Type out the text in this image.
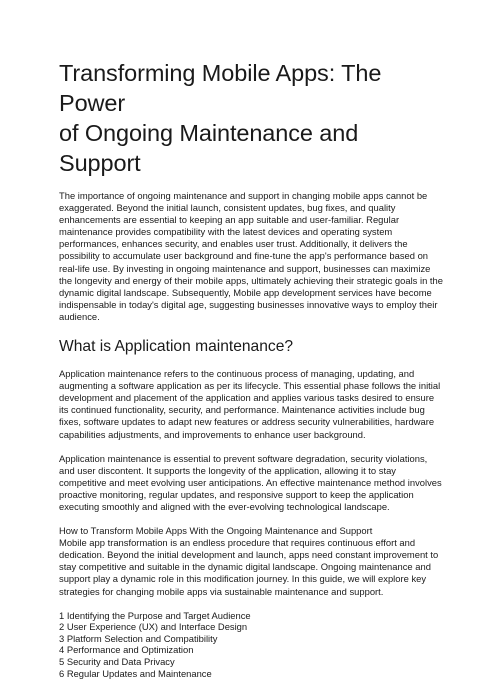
Transforming Mobile Apps: The Power
of Ongoing Maintenance and Support

The importance of ongoing maintenance and support in changing mobile apps cannot be exaggerated. Beyond the initial launch, consistent updates, bug fixes, and quality enhancements are essential to keeping an app suitable and user-familiar. Regular maintenance provides compatibility with the latest devices and operating system performances, enhances security, and enables user trust. Additionally, it delivers the possibility to accumulate user background and fine-tune the app's performance based on real-life use. By investing in ongoing maintenance and support, businesses can maximize the longevity and energy of their mobile apps, ultimately achieving their strategic goals in the dynamic digital landscape. Subsequently, Mobile app development services have become indispensable in today's digital age, suggesting businesses innovative ways to employ their audience.

What is Application maintenance?

Application maintenance refers to the continuous process of managing, updating, and augmenting a software application as per its lifecycle. This essential phase follows the initial development and placement of the application and applies various tasks desired to ensure its continued functionality, security, and performance. Maintenance activities include bug fixes, software updates to adapt new features or address security vulnerabilities, hardware capabilities adjustments, and improvements to enhance user background.

Application maintenance is essential to prevent software degradation, security violations, and user discontent. It supports the longevity of the application, allowing it to stay competitive and meet evolving user anticipations. An effective maintenance method involves proactive monitoring, regular updates, and responsive support to keep the application executing smoothly and aligned with the ever-evolving technological landscape.

How to Transform Mobile Apps With the Ongoing Maintenance and Support
Mobile app transformation is an endless procedure that requires continuous effort and dedication. Beyond the initial development and launch, apps need constant improvement to stay competitive and suitable in the dynamic digital landscape. Ongoing maintenance and support play a dynamic role in this modification journey. In this guide, we will explore key strategies for changing mobile apps via sustainable maintenance and support.

1 Identifying the Purpose and Target Audience
2 User Experience (UX) and Interface Design
3 Platform Selection and Compatibility
4 Performance and Optimization
5 Security and Data Privacy
6 Regular Updates and Maintenance
